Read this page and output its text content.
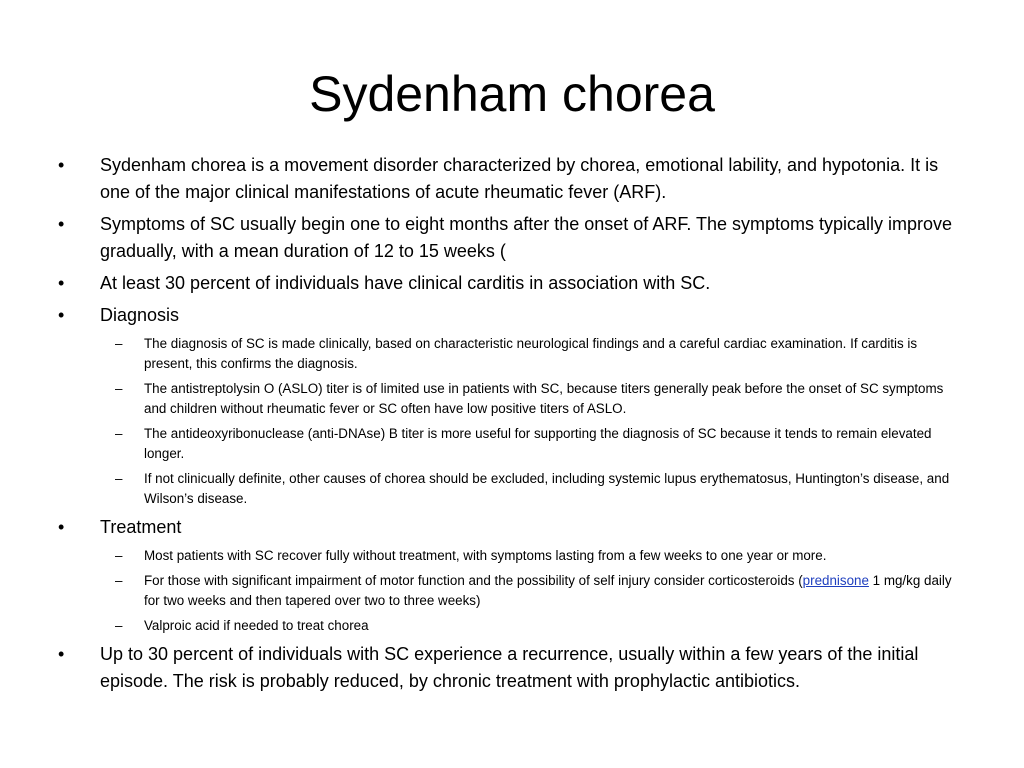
Sydenham chorea

• Sydenham chorea is a movement disorder characterized by chorea, emotional lability, and hypotonia. It is one of the major clinical manifestations of acute rheumatic fever (ARF).

• Symptoms of SC usually begin one to eight months after the onset of ARF. The symptoms typically improve gradually, with a mean duration of 12 to 15 weeks (

• At least 30 percent of individuals have clinical carditis in association with SC.

• Diagnosis

– The diagnosis of SC is made clinically, based on characteristic neurological findings and a careful cardiac examination. If carditis is present, this confirms the diagnosis.

– The antistreptolysin O (ASLO) titer is of limited use in patients with SC, because titers generally peak before the onset of SC symptoms and children without rheumatic fever or SC often have low positive titers of ASLO.

– The antideoxyribonuclease (anti-DNAse) B titer is more useful for supporting the diagnosis of SC because it tends to remain elevated longer.

– If not clinicually definite, other causes of chorea should be excluded, including systemic lupus erythematosus, Huntington’s disease, and Wilson’s disease.

• Treatment

– Most patients with SC recover fully without treatment, with symptoms lasting from a few weeks to one year or more.

– For those with significant impairment of motor function and the possibility of self injury consider corticosteroids (prednisone 1 mg/kg daily for two weeks and then tapered over two to three weeks)

– Valproic acid if needed to treat chorea

• Up to 30 percent of individuals with SC experience a recurrence, usually within a few years of the initial episode. The risk is probably reduced, by chronic treatment with prophylactic antibiotics.
